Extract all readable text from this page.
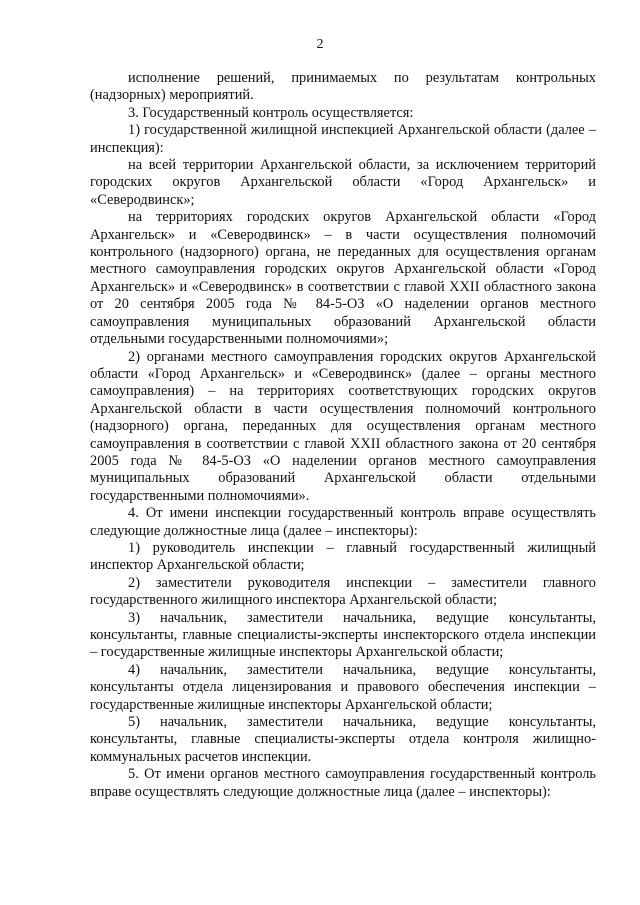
2

исполнение решений, принимаемых по результатам контрольных (надзорных) мероприятий.

3. Государственный контроль осуществляется:

1) государственной жилищной инспекцией Архангельской области (далее – инспекция):

на всей территории Архангельской области, за исключением территорий городских округов Архангельской области «Город Архангельск» и «Северодвинск»;

на территориях городских округов Архангельской области «Город Архангельск» и «Северодвинск» – в части осуществления полномочий контрольного (надзорного) органа, не переданных для осуществления органам местного самоуправления городских округов Архангельской области «Город Архангельск» и «Северодвинск» в соответствии с главой XXII областного закона от 20 сентября 2005 года № 84-5-ОЗ «О наделении органов местного самоуправления муниципальных образований Архангельской области отдельными государственными полномочиями»;

2) органами местного самоуправления городских округов Архангельской области «Город Архангельск» и «Северодвинск» (далее – органы местного самоуправления) – на территориях соответствующих городских округов Архангельской области в части осуществления полномочий контрольного (надзорного) органа, переданных для осуществления органам местного самоуправления в соответствии с главой XXII областного закона от 20 сентября 2005 года № 84-5-ОЗ «О наделении органов местного самоуправления муниципальных образований Архангельской области отдельными государственными полномочиями».

4. От имени инспекции государственный контроль вправе осуществлять следующие должностные лица (далее – инспекторы):

1) руководитель инспекции – главный государственный жилищный инспектор Архангельской области;

2) заместители руководителя инспекции – заместители главного государственного жилищного инспектора Архангельской области;

3) начальник, заместители начальника, ведущие консультанты, консультанты, главные специалисты-эксперты инспекторского отдела инспекции – государственные жилищные инспекторы Архангельской области;

4) начальник, заместители начальника, ведущие консультанты, консультанты отдела лицензирования и правового обеспечения инспекции – государственные жилищные инспекторы Архангельской области;

5) начальник, заместители начальника, ведущие консультанты, консультанты, главные специалисты-эксперты отдела контроля жилищно-коммунальных расчетов инспекции.

5. От имени органов местного самоуправления государственный контроль вправе осуществлять следующие должностные лица (далее – инспекторы):
